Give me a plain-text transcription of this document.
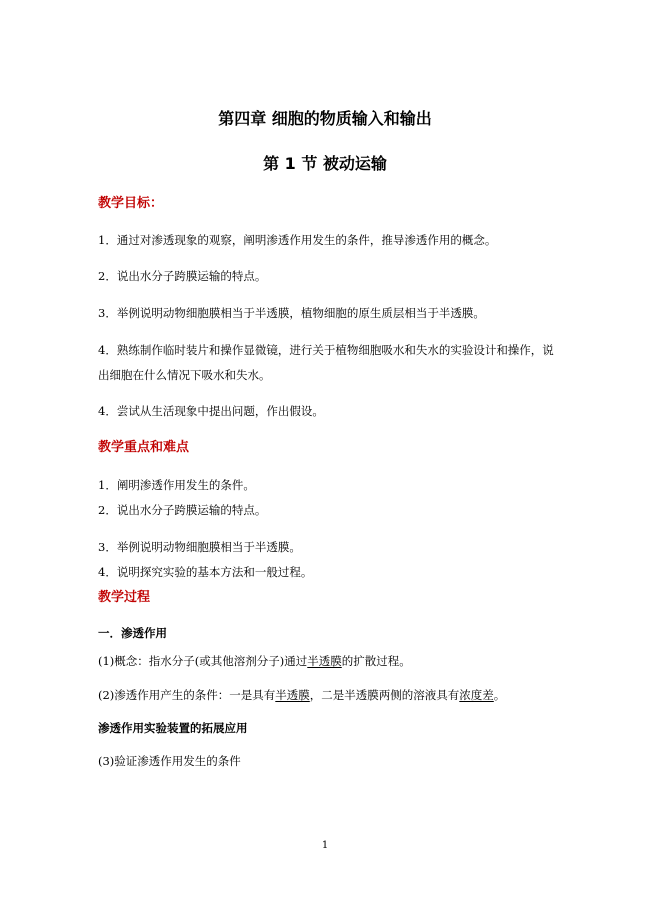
第四章 细胞的物质输入和输出
第 1 节 被动运输
教学目标：
1．通过对渗透现象的观察，阐明渗透作用发生的条件，推导渗透作用的概念。
2．说出水分子跨膜运输的特点。
3．举例说明动物细胞膜相当于半透膜，植物细胞的原生质层相当于半透膜。
4．熟练制作临时装片和操作显微镜，进行关于植物细胞吸水和失水的实验设计和操作，说
出细胞在什么情况下吸水和失水。
4．尝试从生活现象中提出问题，作出假设。
教学重点和难点
1．阐明渗透作用发生的条件。
2．说出水分子跨膜运输的特点。
3．举例说明动物细胞膜相当于半透膜。
4．说明探究实验的基本方法和一般过程。
教学过程
一．渗透作用
(1)概念：指水分子(或其他溶剂分子)通过半透膜的扩散过程。
(2)渗透作用产生的条件：一是具有半透膜，二是半透膜两侧的溶液具有浓度差。
渗透作用实验装置的拓展应用
(3)验证渗透作用发生的条件
1
